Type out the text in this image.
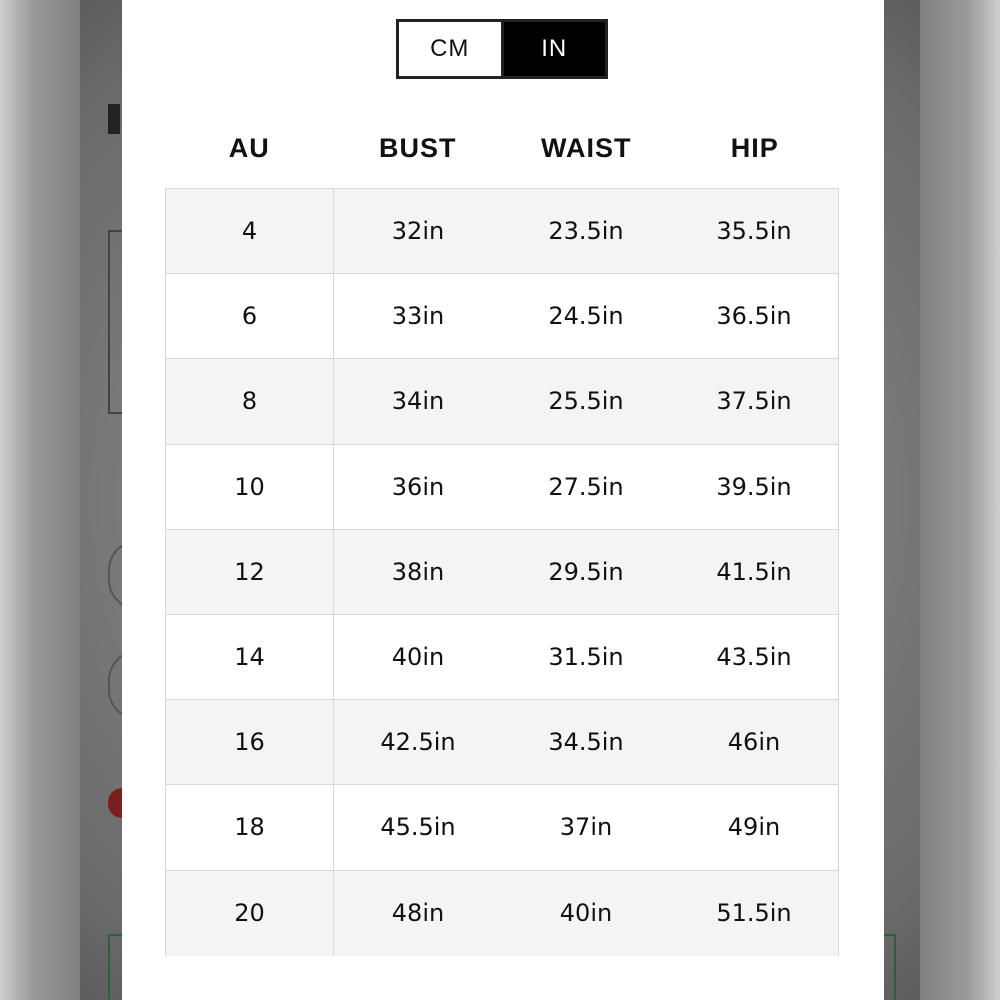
CM	IN
AU	BUST	WAIST	HIP
4	32in	23.5in	35.5in
6	33in	24.5in	36.5in
8	34in	25.5in	37.5in
10	36in	27.5in	39.5in
12	38in	29.5in	41.5in
14	40in	31.5in	43.5in
16	42.5in	34.5in	46in
18	45.5in	37in	49in
20	48in	40in	51.5in
